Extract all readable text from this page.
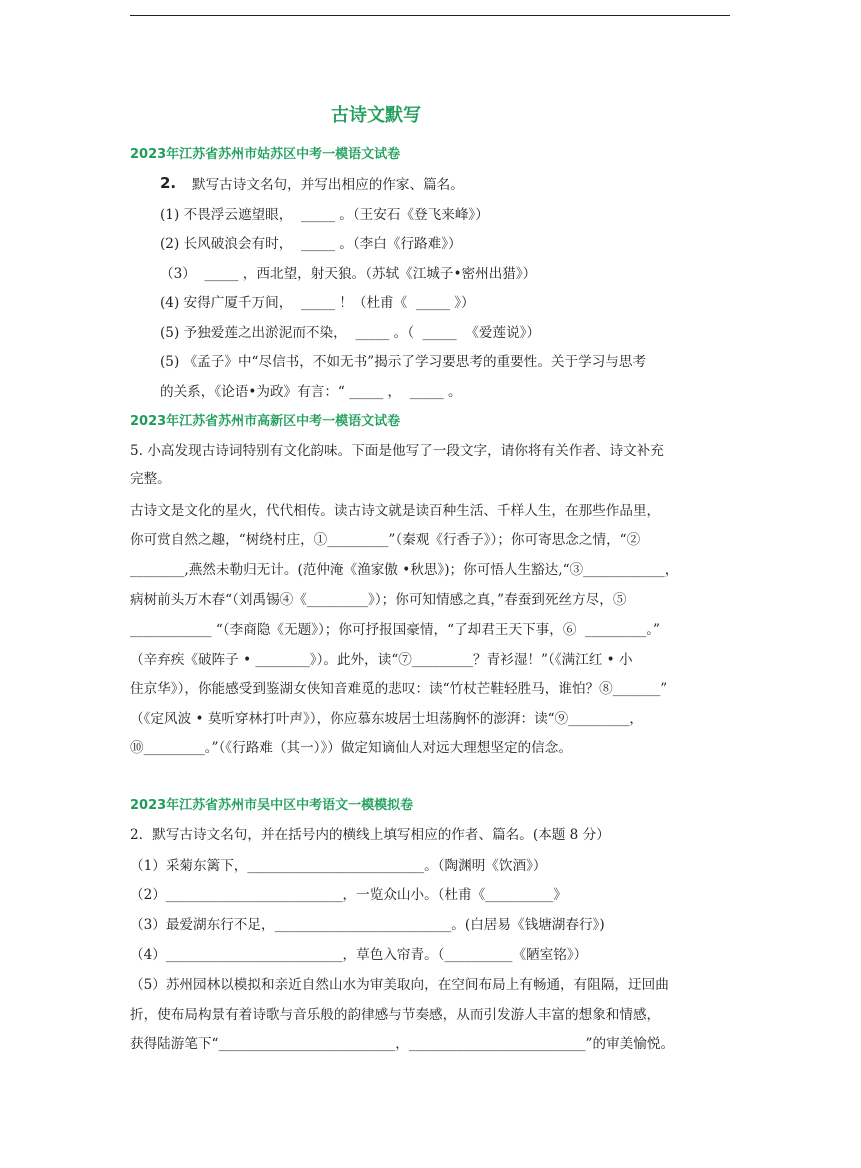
古诗文默写
2023年江苏省苏州市姑苏区中考一模语文试卷
2. 默写古诗文名句，并写出相应的作家、篇名。
(1) 不畏浮云遮望眼，  _____ 。（王安石《登飞来峰》）
(2) 长风破浪会有时，  _____ 。（李白《行路难》）
（3）  _____ ，西北望，射天狼。（苏轼《江城子•密州出猎》）
(4) 安得广厦千万间，  _____ ！（杜甫《  _____ 》）
(5) 予独爱莲之出淤泥而不染，  _____ 。（  _____  《爱莲说》）
(5) 《孟子》中“尽信书，不如无书”揭示了学习要思考的重要性。关于学习与思考
的关系，《论语•为政》有言：“ _____ ，  _____ 。
2023年江苏省苏州市高新区中考一模语文试卷
5. 小高发现古诗词特别有文化韵味。下面是他写了一段文字，请你将有关作者、诗文补充
完整。
古诗文是文化的星火，代代相传。读古诗文就是读百种生活、千样人生，在那些作品里，
你可赏自然之趣，“树绕村庄，①_________”（秦观《行香子》）；你可寄思念之情，“②
________,燕然未勒归无计。(范仲淹《渔家傲 •秋思》)；你可悟人生豁达,“③____________，
病树前头万木春“（刘禹锡④《_________》）；你可知情感之真，”春蚕到死丝方尽，⑤
____________ “（李商隐《无题》）；你可抒报国豪情，“了却君王天下事，⑥  _________。”
（辛弃疾《破阵子 • ________》）。此外，读“⑦_________？青衫湿！”（《满江红 • 小
住京华》），你能感受到鉴湖女侠知音难觅的悲叹：读“竹杖芒鞋轻胜马，谁怕？⑧_______”
（《定风波 • 莫听穿林打叶声》），你应慕东坡居士坦荡胸怀的澎湃：读“⑨_________，
⑩_________。”（《行路难（其一）》）做定知谪仙人对远大理想坚定的信念。
2023年江苏省苏州市吴中区中考语文一模模拟卷
2．默写古诗文名句，并在括号内的横线上填写相应的作者、篇名。(本题 8 分）
（1）采菊东篱下，__________________________。（陶渊明《饮酒》）
（2）__________________________，一览众山小。（杜甫《__________》
（3）最爱湖东行不足，__________________________。(白居易《钱塘湖春行》)
（4）__________________________，草色入帘青。（__________《陋室铭》）
（5）苏州园林以模拟和亲近自然山水为审美取向，在空间布局上有畅通，有阻隔，迂回曲
折，使布局构景有着诗歌与音乐般的韵律感与节奏感，从而引发游人丰富的想象和情感，
获得陆游笔下“__________________________，__________________________”的审美愉悦。
